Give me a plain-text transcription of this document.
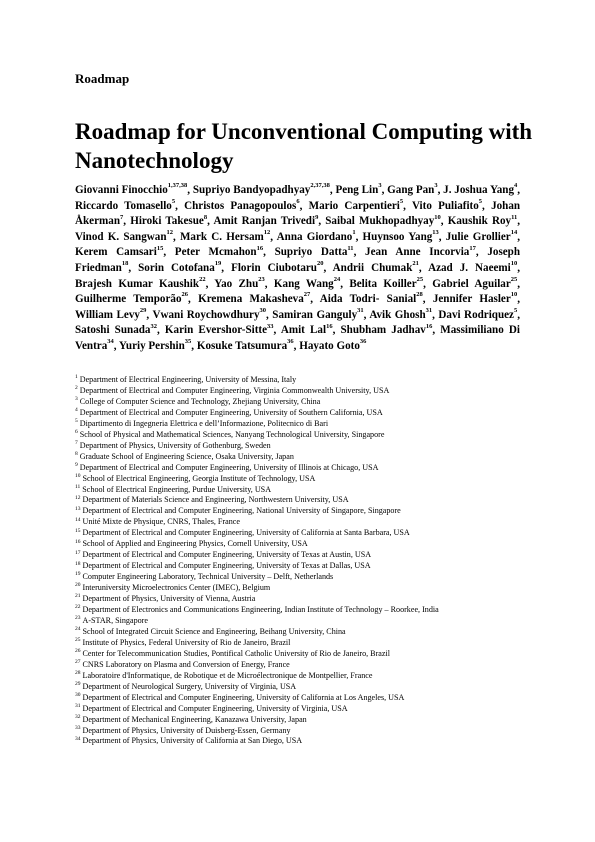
Roadmap
Roadmap for Unconventional Computing with Nanotechnology
Giovanni Finocchio$^{1,37,38}$, Supriyo Bandyopadhyay$^{2,37,38}$, Peng Lin$^3$, Gang Pan$^3$, J. Joshua Yang$^4$, Riccardo Tomasello$^5$, Christos Panagopoulos$^6$, Mario Carpentieri$^5$, Vito Puliafito$^5$, Johan Åkerman$^7$, Hiroki Takesue$^8$, Amit Ranjan Trivedi$^9$, Saibal Mukhopadhyay$^{10}$, Kaushik Roy$^{11}$, Vinod K. Sangwan$^{12}$, Mark C. Hersam$^{12}$, Anna Giordano$^1$, Huynsoo Yang$^{13}$, Julie Grollier$^{14}$, Kerem Camsari$^{15}$, Peter Mcmahon$^{16}$, Supriyo Datta$^{11}$, Jean Anne Incorvia$^{17}$, Joseph Friedman$^{18}$, Sorin Cotofana$^{19}$, Florin Ciubotaru$^{20}$, Andrii Chumak$^{21}$, Azad J. Naeemi$^{10}$, Brajesh Kumar Kaushik$^{22}$, Yao Zhu$^{23}$, Kang Wang$^{24}$, Belita Koiller$^{25}$, Gabriel Aguilar$^{25}$, Guilherme Temporão$^{26}$, Kremena Makasheva$^{27}$, Aida Todri- Sanial$^{28}$, Jennifer Hasler$^{10}$, William Levy$^{29}$, Vwani Roychowdhury$^{30}$, Samiran Ganguly$^{31}$, Avik Ghosh$^{31}$, Davi Rodriquez$^5$, Satoshi Sunada$^{32}$, Karin Evershor-Sitte$^{33}$, Amit Lal$^{16}$, Shubham Jadhav$^{16}$, Massimiliano Di Ventra$^{34}$, Yuriy Pershin$^{35}$, Kosuke Tatsumura$^{36}$, Hayato Goto$^{36}$
$^1$ Department of Electrical Engineering, University of Messina, Italy
$^2$ Department of Electrical and Computer Engineering, Virginia Commonwealth University, USA
$^3$ College of Computer Science and Technology, Zhejiang University, China
$^4$ Department of Electrical and Computer Engineering, University of Southern California, USA
$^5$ Dipartimento di Ingegneria Elettrica e dell’Informazione, Politecnico di Bari
$^6$ School of Physical and Mathematical Sciences, Nanyang Technological University, Singapore
$^7$ Department of Physics, University of Gothenburg, Sweden
$^8$ Graduate School of Engineering Science, Osaka University, Japan
$^9$ Department of Electrical and Computer Engineering, University of Illinois at Chicago, USA
$^{10}$ School of Electrical Engineering, Georgia Institute of Technology, USA
$^{11}$ School of Electrical Engineering, Purdue University, USA
$^{12}$ Department of Materials Science and Engineering, Northwestern University, USA
$^{13}$ Department of Electrical and Computer Engineering, National University of Singapore, Singapore
$^{14}$ Unité Mixte de Physique, CNRS, Thales, France
$^{15}$ Department of Electrical and Computer Engineering, University of California at Santa Barbara, USA
$^{16}$ School of Applied and Engineering Physics, Cornell University, USA
$^{17}$ Department of Electrical and Computer Engineering, University of Texas at Austin, USA
$^{18}$ Department of Electrical and Computer Engineering, University of Texas at Dallas, USA
$^{19}$ Computer Engineering Laboratory, Technical University – Delft, Netherlands
$^{20}$ Interuniversity Microelectronics Center (IMEC), Belgium
$^{21}$ Department of Physics, University of Vienna, Austria
$^{22}$ Department of Electronics and Communications Engineering, Indian Institute of Technology – Roorkee, India
$^{23}$ A-STAR, Singapore
$^{24}$ School of Integrated Circuit Science and Engineering, Beihang University, China
$^{25}$ Institute of Physics, Federal University of Rio de Janeiro, Brazil
$^{26}$ Center for Telecommunication Studies, Pontifical Catholic University of Rio de Janeiro, Brazil
$^{27}$ CNRS Laboratory on Plasma and Conversion of Energy, France
$^{28}$ Laboratoire d'Informatique, de Robotique et de Microélectronique de Montpellier, France
$^{29}$ Department of Neurological Surgery, University of Virginia, USA
$^{30}$ Department of Electrical and Computer Engineering, University of California at Los Angeles, USA
$^{31}$ Department of Electrical and Computer Engineering, University of Virginia, USA
$^{32}$ Department of Mechanical Engineering, Kanazawa University, Japan
$^{33}$ Department of Physics, University of Duisberg-Essen, Germany
$^{34}$ Department of Physics, University of California at San Diego, USA
